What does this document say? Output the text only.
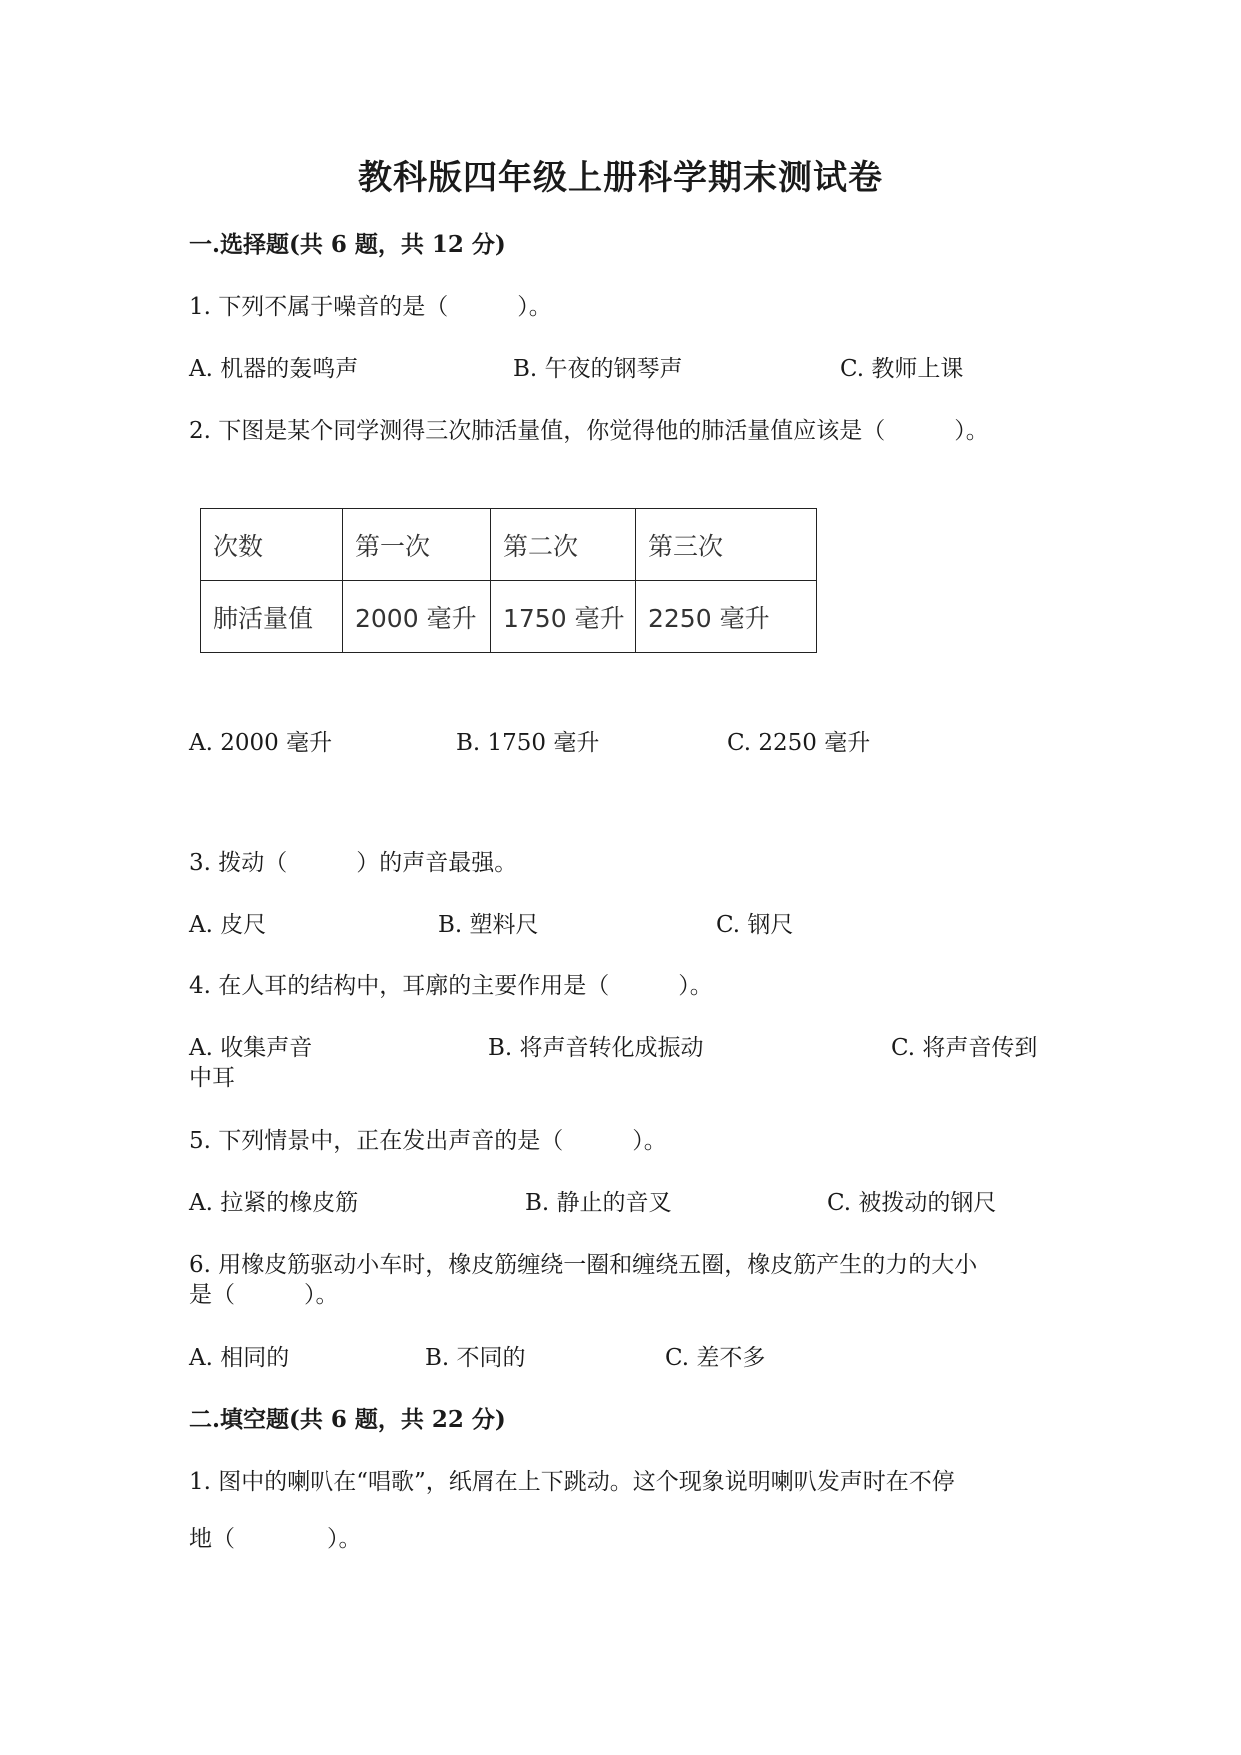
教科版四年级上册科学期末测试卷
一.选择题(共 6 题，共 12 分)
1. 下列不属于噪音的是（　　　）。
A. 机器的轰鸣声	B. 午夜的钢琴声	C. 教师上课
2. 下图是某个同学测得三次肺活量值，你觉得他的肺活量值应该是（　　　）。
次数	第一次	第二次	第三次
肺活量值	2000 毫升	1750 毫升	2250 毫升
A. 2000 毫升	B. 1750 毫升	C. 2250 毫升
3. 拨动（　　　）的声音最强。
A. 皮尺	B. 塑料尺	C. 钢尺
4. 在人耳的结构中，耳廓的主要作用是（　　　）。
A. 收集声音	B. 将声音转化成振动	C. 将声音传到
中耳
5. 下列情景中，正在发出声音的是（　　　）。
A. 拉紧的橡皮筋	B. 静止的音叉	C. 被拨动的钢尺
6. 用橡皮筋驱动小车时，橡皮筋缠绕一圈和缠绕五圈，橡皮筋产生的力的大小
是（　　　）。
A. 相同的	B. 不同的	C. 差不多
二.填空题(共 6 题，共 22 分)
1. 图中的喇叭在“唱歌”，纸屑在上下跳动。这个现象说明喇叭发声时在不停
地（　　　　）。
